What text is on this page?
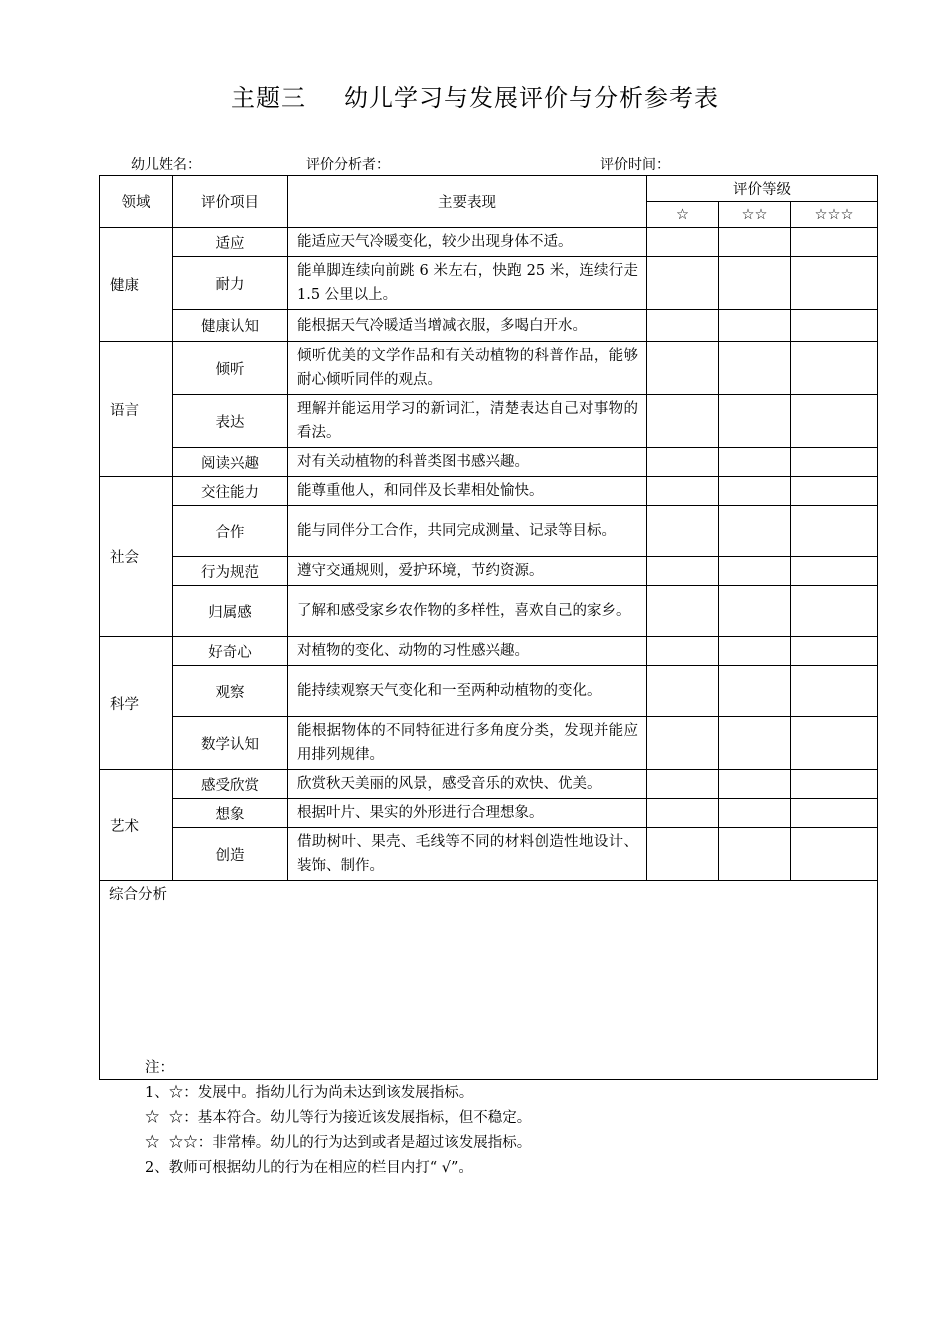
主题三 幼儿学习与发展评价与分析参考表
幼儿姓名：	评价分析者：	评价时间：
领域	评价项目	主要表现	评价等级		
			☆	☆☆	☆☆☆
健康	适应	能适应天气冷暖变化，较少出现身体不适。			
	耐力	能单脚连续向前跳 6 米左右，快跑 25 米，连续行走 1.5 公里以上。			
	健康认知	能根据天气冷暖适当增减衣服，多喝白开水。			
语言	倾听	倾听优美的文学作品和有关动植物的科普作品，能够耐心倾听同伴的观点。			
	表达	理解并能运用学习的新词汇，清楚表达自己对事物的看法。			
	阅读兴趣	对有关动植物的科普类图书感兴趣。			
社会	交往能力	能尊重他人，和同伴及长辈相处愉快。			
	合作	能与同伴分工合作，共同完成测量、记录等目标。			
	行为规范	遵守交通规则，爱护环境，节约资源。			
	归属感	了解和感受家乡农作物的多样性，喜欢自己的家乡。			
科学	好奇心	对植物的变化、动物的习性感兴趣。			
	观察	能持续观察天气变化和一至两种动植物的变化。			
	数学认知	能根据物体的不同特征进行多角度分类，发现并能应用排列规律。			
艺术	感受欣赏	欣赏秋天美丽的风景，感受音乐的欢快、优美。			
	想象	根据叶片、果实的外形进行合理想象。			
	创造	借助树叶、果壳、毛线等不同的材料创造性地设计、装饰、制作。			
综合分析					
注：
1、☆：发展中。指幼儿行为尚未达到该发展指标。
☆  ☆：基本符合。幼儿等行为接近该发展指标，但不稳定。
☆  ☆☆：非常棒。幼儿的行为达到或者是超过该发展指标。
2、教师可根据幼儿的行为在相应的栏目内打“ √”。
